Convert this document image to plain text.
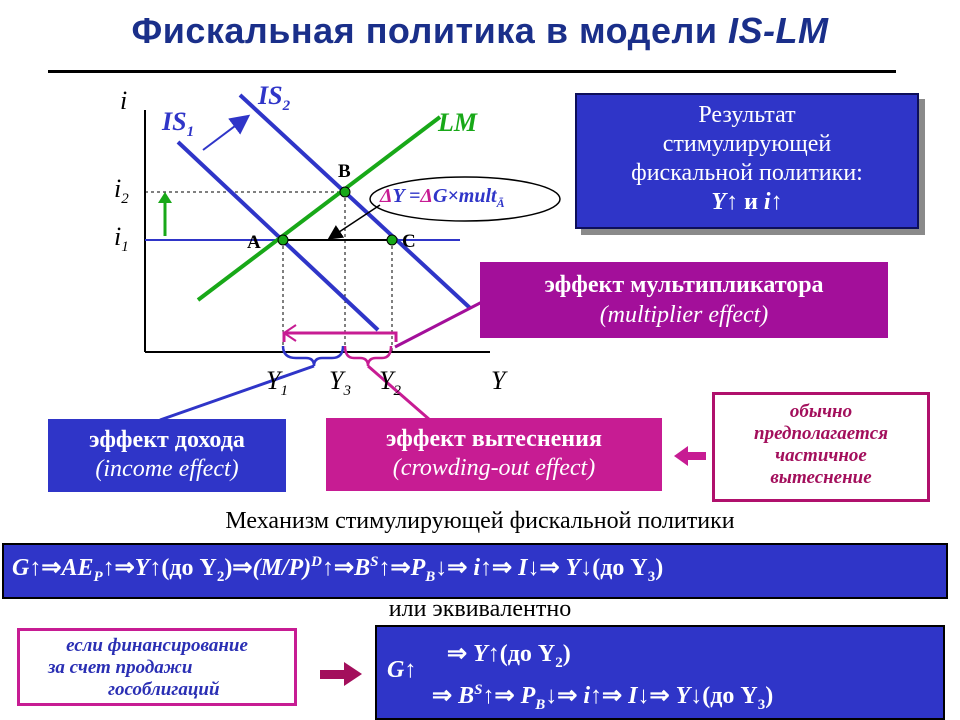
Фискальная политика в модели IS-LM
i
Y
$IS_1$
$IS_2$
LM
$i_2$
$i_1$	A
B
C
$Y_1$ $Y_3$ $Y_2$
ΔY =ΔG×mult$_Ā$
Результат
стимулирующей
фискальной политики:
Y↑ и i↑
эффект мультипликатора
(multiplier effect)
эффект дохода
(income effect)
эффект вытеснения
(crowding-out effect)
обычно
предполагается
частичное
вытеснение
Механизм стимулирующей фискальной политики
$G↑\Rightarrow AE_P↑\Rightarrow Y↑(до$ $Y_2)\Rightarrow(M/P)^D↑\Rightarrow B^S↑\Rightarrow P_B↓\Rightarrow$ i↑⇒ I↓⇒ Y↓(до $Y_3$)
или эквивалентно
если финансирование
за счет продажи
гособлигаций
G↑
⇒ Y↑(до $Y_2$)
⇒ $B^S↑\Rightarrow$ $P_B↓\Rightarrow$ i↑⇒ I↓⇒ Y↓(до $Y_3$)
